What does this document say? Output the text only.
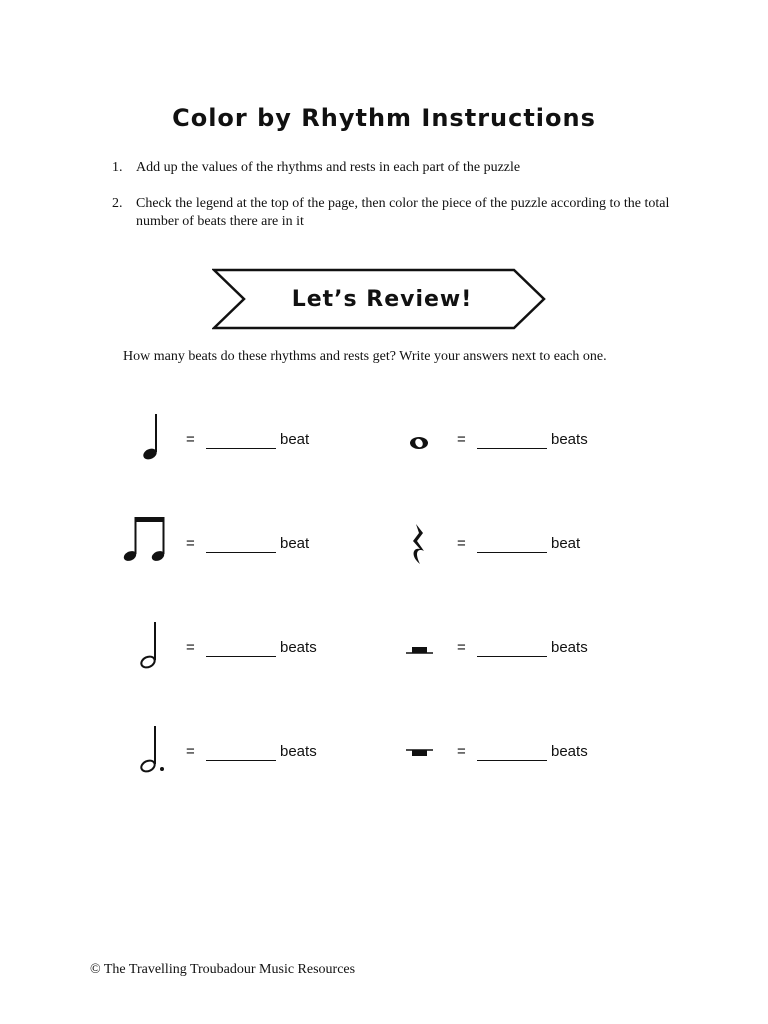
Color by Rhythm Instructions
1. Add up the values of the rhythms and rests in each part of the puzzle
2. Check the legend at the top of the page, then color the piece of the puzzle according to the total number of beats there are in it
Let’s Review!
How many beats do these rhythms and rests get? Write your answers next to each one.
=	beat	=	beats
=	beat	=	beat
=	beats	=	beats
=	beats	=	beats
© The Travelling Troubadour Music Resources
